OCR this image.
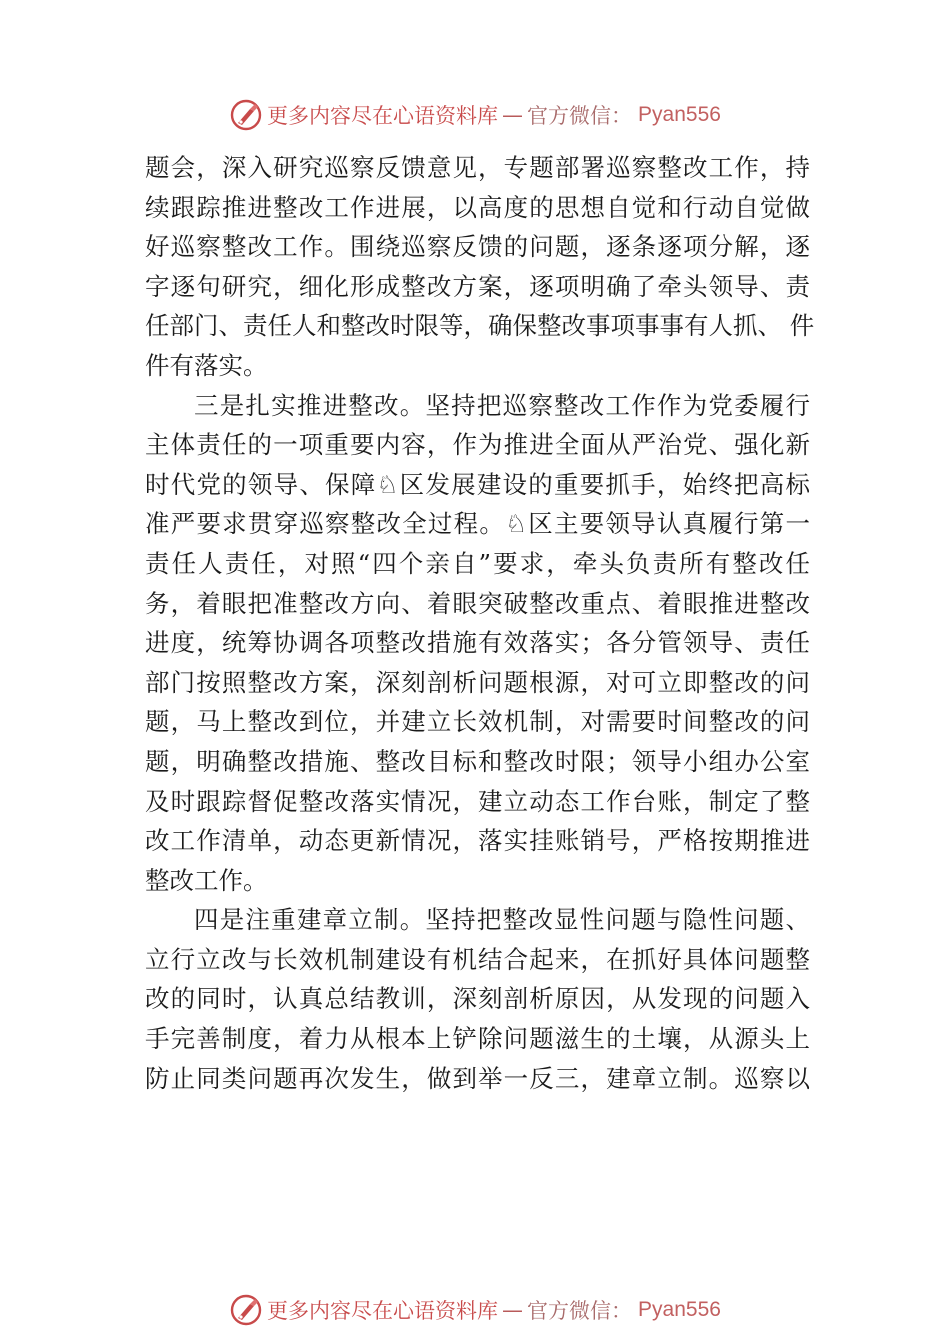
更多内容尽在心语资料库 — 官方微信： Pyan556
题会，深入研究巡察反馈意见，专题部署巡察整改工作，持
续跟踪推进整改工作进展，以高度的思想自觉和行动自觉做
好巡察整改工作。围绕巡察反馈的问题，逐条逐项分解，逐
字逐句研究，细化形成整改方案，逐项明确了牵头领导、责
任部门、责任人和整改时限等，确保整改事项事事有人抓、 件
件有落实。
三是扎实推进整改。坚持把巡察整改工作作为党委履行
主体责任的一项重要内容，作为推进全面从严治党、强化新
时代党的领导、保障♘区发展建设的重要抓手，始终把高标
准严要求贯穿巡察整改全过程。♘区主要领导认真履行第一
责任人责任，对照“四个亲自”要求，牵头负责所有整改任
务，着眼把准整改方向、着眼突破整改重点、着眼推进整改
进度，统筹协调各项整改措施有效落实；各分管领导、责任
部门按照整改方案，深刻剖析问题根源，对可立即整改的问
题，马上整改到位，并建立长效机制，对需要时间整改的问
题，明确整改措施、整改目标和整改时限；领导小组办公室
及时跟踪督促整改落实情况，建立动态工作台账，制定了整
改工作清单，动态更新情况，落实挂账销号，严格按期推进
整改工作。
四是注重建章立制。坚持把整改显性问题与隐性问题、
立行立改与长效机制建设有机结合起来，在抓好具体问题整
改的同时，认真总结教训，深刻剖析原因，从发现的问题入
手完善制度，着力从根本上铲除问题滋生的土壤，从源头上
防止同类问题再次发生，做到举一反三，建章立制。巡察以
更多内容尽在心语资料库 — 官方微信： Pyan556
